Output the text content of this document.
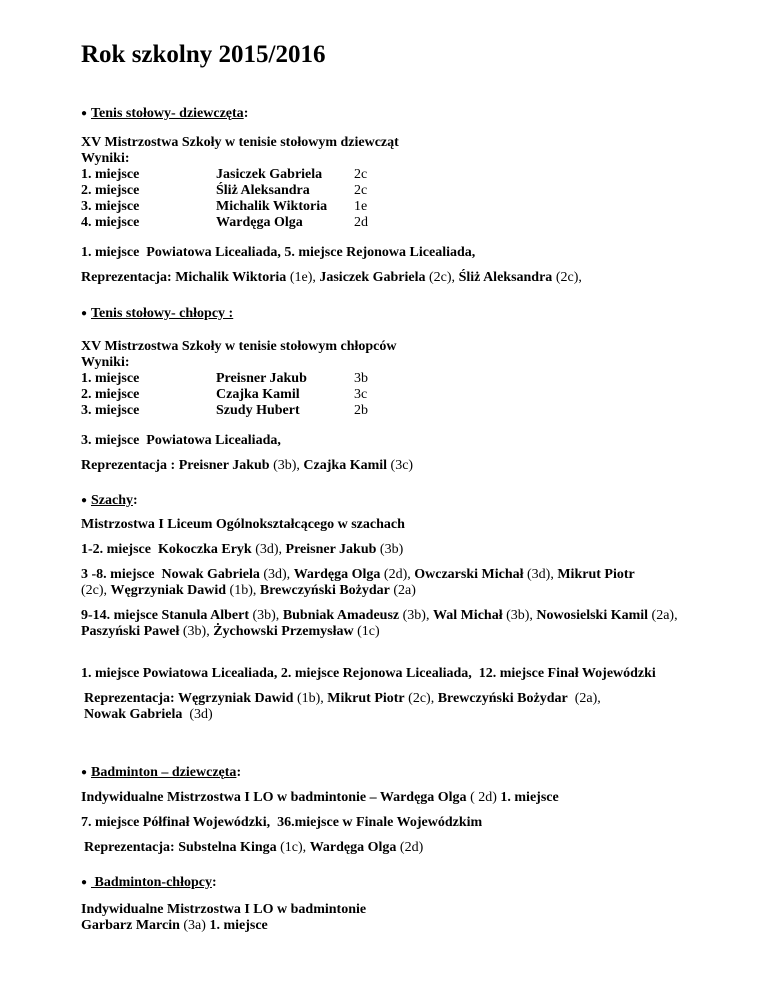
Rok szkolny 2015/2016
● Tenis stołowy- dziewczęta :
XV Mistrzostwa Szkoły w tenisie stołowym dziewcząt
Wyniki:
1. miejsce	Jasiczek Gabriela	2c
2. miejsce	Śliż Aleksandra	2c
3. miejsce	Michalik Wiktoria	1e
4. miejsce	Wardęga Olga	2d
1. miejsce  Powiatowa Licealiada, 5. miejsce Rejonowa Licealiada,
Reprezentacja: Michalik Wiktoria (1e), Jasiczek Gabriela (2c), Śliż Aleksandra (2c),
● Tenis stołowy- chłopcy :
XV Mistrzostwa Szkoły w tenisie stołowym chłopców
Wyniki:
1. miejsce	Preisner Jakub	3b
2. miejsce	Czajka Kamil	3c
3. miejsce	Szudy Hubert	2b
3. miejsce  Powiatowa Licealiada,
Reprezentacja : Preisner Jakub (3b), Czajka Kamil (3c)
● Szachy :
Mistrzostwa I Liceum Ogólnokształcącego w szachach
1-2. miejsce  Kokoczka Eryk (3d), Preisner Jakub (3b)
3 -8. miejsce  Nowak Gabriela (3d), Wardęga Olga (2d), Owczarski Michał (3d), Mikrut Piotr
(2c), Węgrzyniak Dawid (1b), Brewczyński Bożydar (2a)
9-14. miejsce Stanula Albert (3b), Bubniak Amadeusz (3b), Wal Michał (3b), Nowosielski Kamil (2a),
Paszyński Paweł (3b), Żychowski Przemysław (1c)
1. miejsce Powiatowa Licealiada, 2. miejsce Rejonowa Licealiada,  12. miejsce Finał Wojewódzki
Reprezentacja: Węgrzyniak Dawid (1b), Mikrut Piotr (2c), Brewczyński Bożydar  (2a),
Nowak Gabriela  (3d)
● Badminton – dziewczęta :
Indywidualne Mistrzostwa I LO w badmintonie – Wardęga Olga ( 2d) 1. miejsce
7. miejsce Półfinał Wojewódzki,  36.miejsce w Finale Wojewódzkim
Reprezentacja: Substelna Kinga (1c), Wardęga Olga (2d)
● Badminton-chłopcy :
Indywidualne Mistrzostwa I LO w badmintonie
Garbarz Marcin (3a) 1. miejsce
